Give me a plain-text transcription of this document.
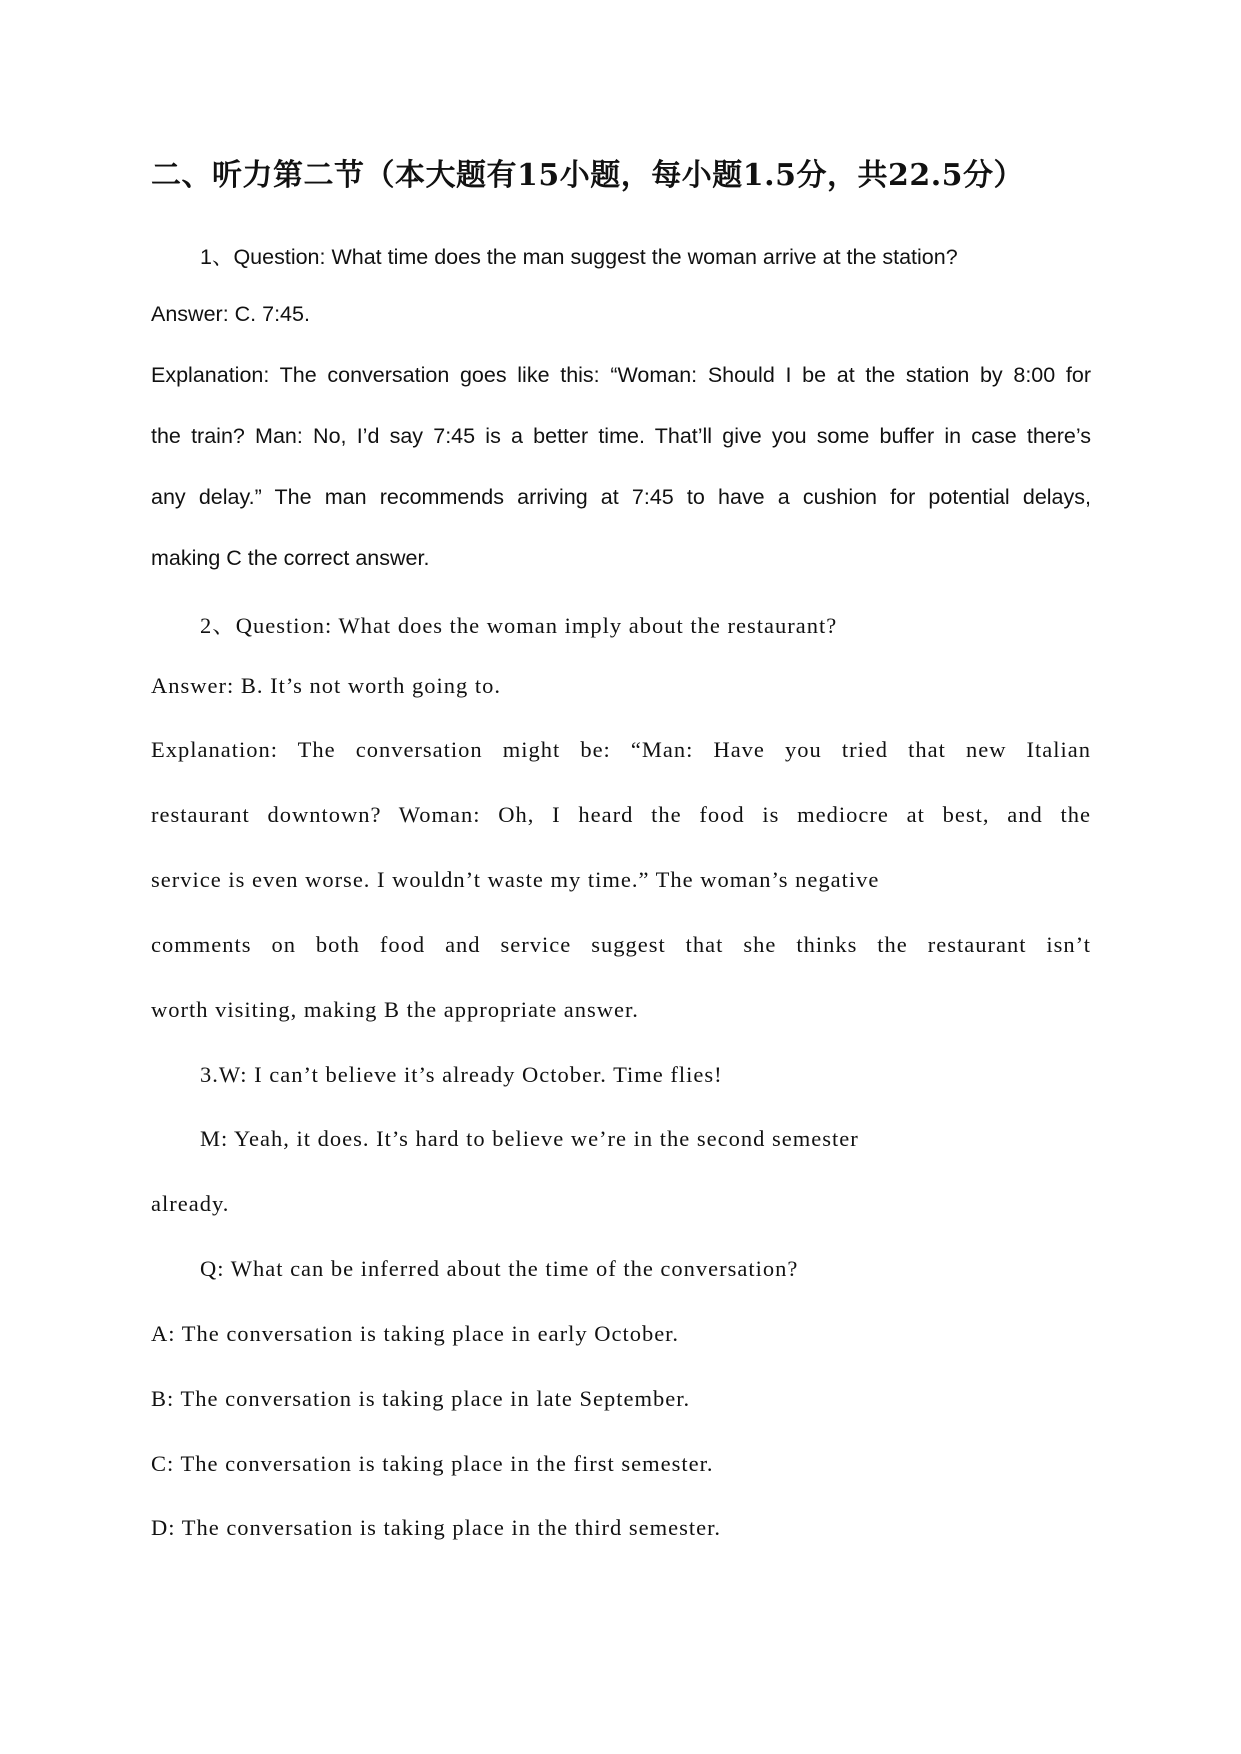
二、听力第二节（本大题有15小题，每小题1.5分，共22.5分）
1、Question: What time does the man suggest the woman arrive at the station?
Answer: C. 7:45.
Explanation: The conversation goes like this: “Woman: Should I be at the station by 8:00 for
the train? Man: No, I’d say 7:45 is a better time. That’ll give you some buffer in case there’s
any delay.” The man recommends arriving at 7:45 to have a cushion for potential delays,
making C the correct answer.
2、Question: What does the woman imply about the restaurant?
Answer: B. It’s not worth going to.
Explanation: The conversation might be: “Man: Have you tried that new Italian
restaurant downtown? Woman: Oh, I heard the food is mediocre at best, and the
service is even worse. I wouldn’t waste my time.” The woman’s negative
comments on both food and service suggest that she thinks the restaurant isn’t
worth visiting, making B the appropriate answer.
3.W: I can’t believe it’s already October. Time flies!
M: Yeah, it does. It’s hard to believe we’re in the second semester
already.
Q: What can be inferred about the time of the conversation?
A: The conversation is taking place in early October.
B: The conversation is taking place in late September.
C: The conversation is taking place in the first semester.
D: The conversation is taking place in the third semester.
